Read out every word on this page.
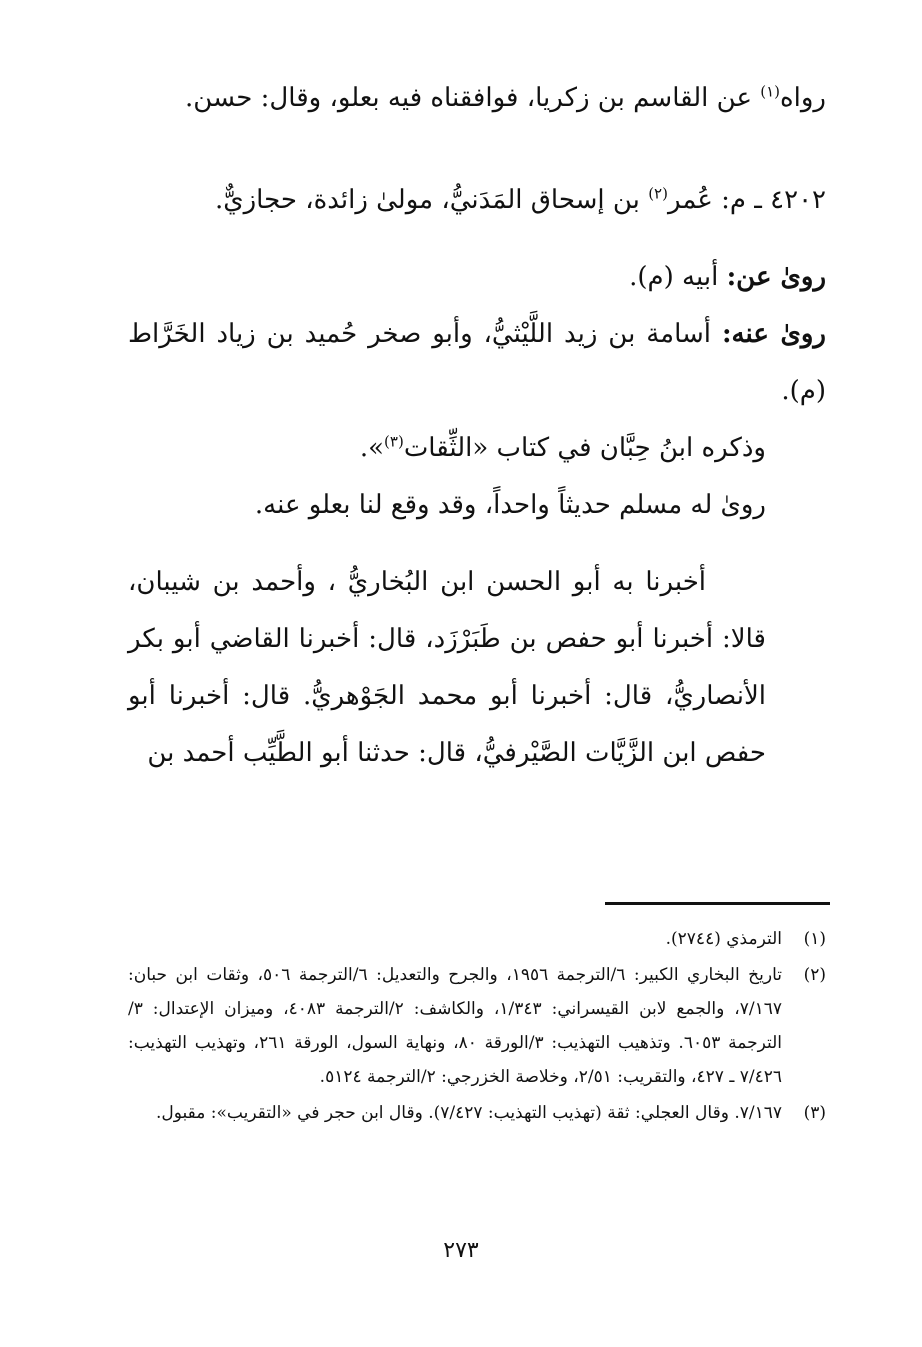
رواه$^{(١)}$ عن القاسم بن زكريا، فوافقناه فيه بعلو، وقال: حسن.

٤٢٠٢ ـ م: عُمر$^{(٢)}$ بن إسحاق المَدَنيُّ، مولىٰ زائدة، حجازيٌّ.

روىٰ عن: أبيه (م).

روىٰ عنه: أسامة بن زيد اللَّيْثيُّ، وأبو صخر حُميد بن زياد الخَرَّاط (م).

وذكره ابنُ حِبَّان في كتاب «الثِّقات$^{(٣)}$».

روىٰ له مسلم حديثاً واحداً، وقد وقع لنا بعلو عنه.

أخبرنا به أبو الحسن ابن البُخاريُّ ، وأحمد بن شيبان، قالا: أخبرنا أبو حفص بن طَبَرْزَد، قال: أخبرنا القاضي أبو بكر الأنصاريُّ، قال: أخبرنا أبو محمد الجَوْهريُّ. قال: أخبرنا أبو حفص ابن الزَّيَّات الصَّيْرفيُّ، قال: حدثنا أبو الطَّيِّب أحمد بن

(١)
الترمذي (٢٧٤٤).
(٢)
تاريخ البخاري الكبير: ٦/الترجمة ١٩٥٦، والجرح والتعديل: ٦/الترجمة ٥٠٦، وثقات ابن حبان: ٧/١٦٧، والجمع لابن القيسراني: ١/٣٤٣، والكاشف: ٢/الترجمة ٤٠٨٣، وميزان الإعتدال: ٣/الترجمة ٦٠٥٣. وتذهيب التهذيب: ٣/الورقة ٨٠، ونهاية السول، الورقة ٢٦١، وتهذيب التهذيب: ٧/٤٢٦ ـ ٤٢٧، والتقريب: ٢/٥١، وخلاصة الخزرجي: ٢/الترجمة ٥١٢٤.
(٣)
٧/١٦٧. وقال العجلي: ثقة (تهذيب التهذيب: ٧/٤٢٧). وقال ابن حجر في «التقريب»: مقبول.
٢٧٣
